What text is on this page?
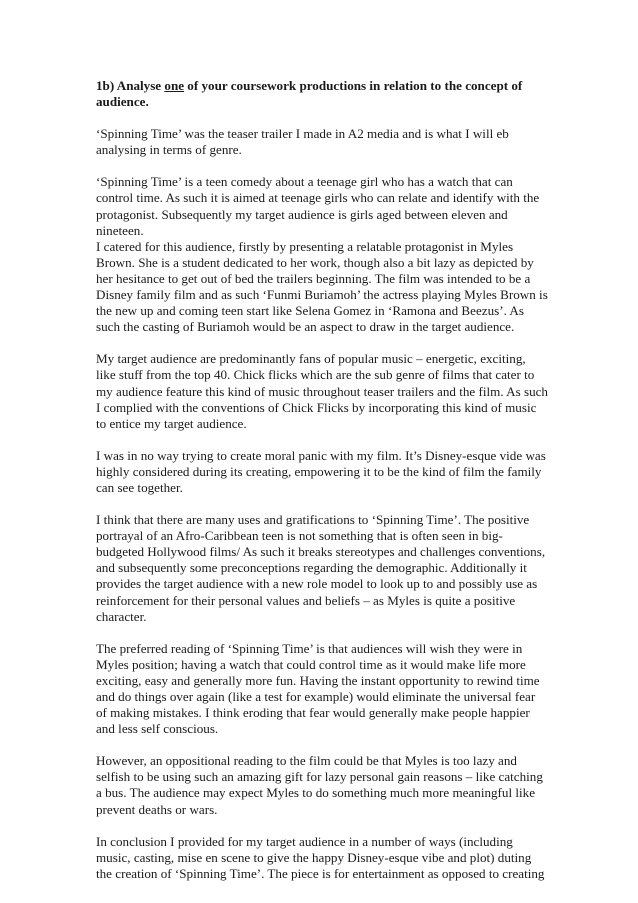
1b) Analyse one of your coursework productions in relation to the concept of audience.

‘Spinning Time’ was the teaser trailer I made in A2 media and is what I will eb analysing in terms of genre.

‘Spinning Time’ is a teen comedy about a teenage girl who has a watch that can control time. As such it is aimed at teenage girls who can relate and identify with the protagonist. Subsequently my target audience is girls aged between eleven and nineteen.

I catered for this audience, firstly by presenting a relatable protagonist in Myles Brown. She is a student dedicated to her work, though also a bit lazy as depicted by her hesitance to get out of bed the trailers beginning. The film was intended to be a Disney family film and as such ‘Funmi Buriamoh’ the actress playing Myles Brown is the new up and coming teen start like Selena Gomez in ‘Ramona and Beezus’. As such the casting of Buriamoh would be an aspect to draw in the target audience.

My target audience are predominantly fans of popular music – energetic, exciting, like stuff from the top 40. Chick flicks which are the sub genre of films that cater to my audience feature this kind of music throughout teaser trailers and the film. As such I complied with the conventions of Chick Flicks by incorporating this kind of music to entice my target audience.

I was in no way trying to create moral panic with my film. It’s Disney-esque vide was highly considered during its creating, empowering it to be the kind of film the family can see together.

I think that there are many uses and gratifications to ‘Spinning Time’. The positive portrayal of an Afro-Caribbean teen is not something that is often seen in big-budgeted Hollywood films/ As such it breaks stereotypes and challenges conventions, and subsequently some preconceptions regarding the demographic. Additionally it provides the target audience with a new role model to look up to and possibly use as reinforcement for their personal values and beliefs – as Myles is quite a positive character.

The preferred reading of ‘Spinning Time’ is that audiences will wish they were in Myles position; having a watch that could control time as it would make life more exciting, easy and generally more fun. Having the instant opportunity to rewind time and do things over again (like a test for example) would eliminate the universal fear of making mistakes. I think eroding that fear would generally make people happier and less self conscious.

However, an oppositional reading to the film could be that Myles is too lazy and selfish to be using such an amazing gift for lazy personal gain reasons – like catching a bus. The audience may expect Myles to do something much more meaningful like prevent deaths or wars.

In conclusion I provided for my target audience in a number of ways (including music, casting, mise en scene to give the happy Disney-esque vibe and plot) duting the creation of ‘Spinning Time’. The piece is for entertainment as opposed to creating
